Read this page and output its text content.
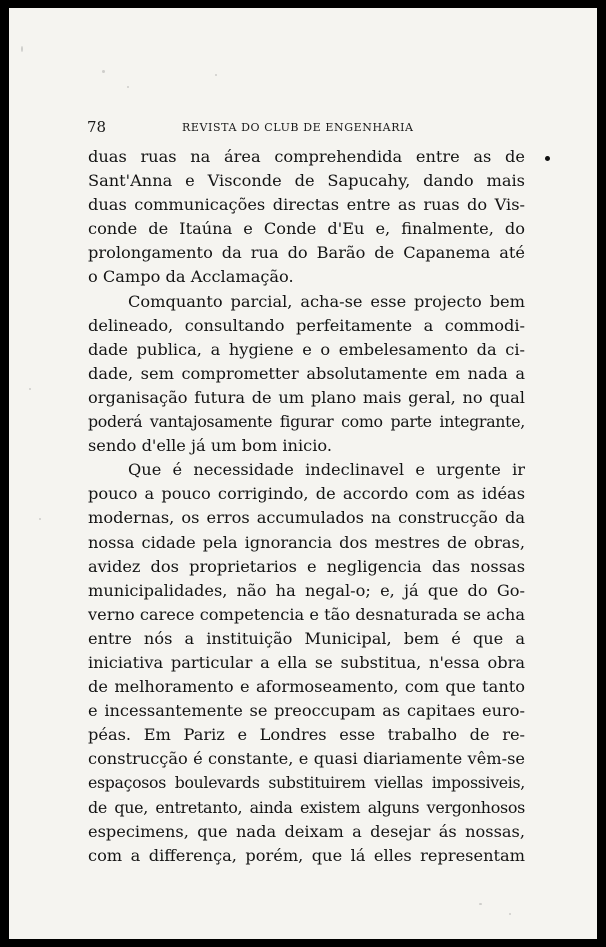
78	REVISTA DO CLUB DE ENGENHARIA

duas ruas na área comprehendida entre as de
Sant'Anna e Visconde de Sapucahy, dando mais
duas communicações directas entre as ruas do Vis-
conde de Itaúna e Conde d'Eu e, finalmente, do
prolongamento da rua do Barão de Capanema até
o Campo da Acclamação.

Comquanto parcial, acha-se esse projecto bem
delineado, consultando perfeitamente a commodi-
dade publica, a hygiene e o embelesamento da ci-
dade, sem comprometter absolutamente em nada a
organisação futura de um plano mais geral, no qual
poderá vantajosamente figurar como parte integrante,
sendo d'elle já um bom inicio.

Que é necessidade indeclinavel e urgente ir
pouco a pouco corrigindo, de accordo com as idéas
modernas, os erros accumulados na construcção da
nossa cidade pela ignorancia dos mestres de obras,
avidez dos proprietarios e negligencia das nossas
municipalidades, não ha negal-o; e, já que do Go-
verno carece competencia e tão desnaturada se acha
entre nós a instituição Municipal, bem é que a
iniciativa particular a ella se substitua, n'essa obra
de melhoramento e aformoseamento, com que tanto
e incessantemente se preoccupam as capitaes euro-
péas. Em Pariz e Londres esse trabalho de re-
construcção é constante, e quasi diariamente vêm-se
espaçosos boulevards substituirem viellas impossiveis,
de que, entretanto, ainda existem alguns vergonhosos
especimens, que nada deixam a desejar ás nossas,
com a differença, porém, que lá elles representam
